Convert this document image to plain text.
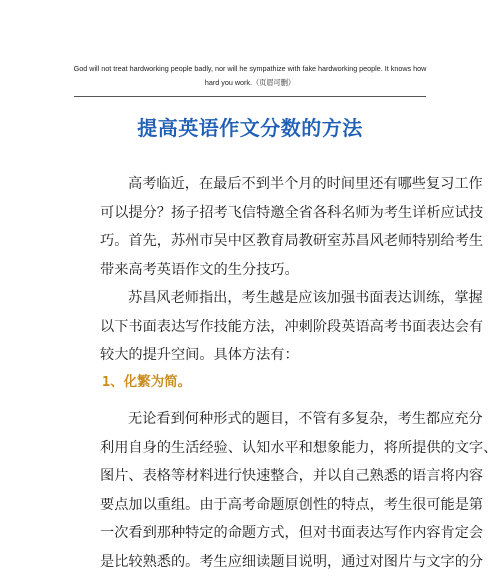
God will not treat hardworking people badly, nor will he sympathize with fake hardworking people. It knows how
hard you work.（页眉可删）
提高英语作文分数的方法
高考临近，在最后不到半个月的时间里还有哪些复习工作
可以提分？扬子招考飞信特邀全省各科名师为考生详析应试技
巧。首先，苏州市吴中区教育局教研室苏昌风老师特别给考生
带来高考英语作文的生分技巧。
苏昌风老师指出，考生越是应该加强书面表达训练，掌握
以下书面表达写作技能方法，冲刺阶段英语高考书面表达会有
较大的提升空间。具体方法有：
1、化繁为简。
无论看到何种形式的题目，不管有多复杂，考生都应充分
利用自身的生活经验、认知水平和想象能力，将所提供的文字、
图片、表格等材料进行快速整合，并以自己熟悉的语言将内容
要点加以重组。由于高考命题原创性的特点，考生很可能是第
一次看到那种特定的命题方式，但对书面表达写作内容肯定会
是比较熟悉的。考生应细读题目说明，通过对图片与文字的分
